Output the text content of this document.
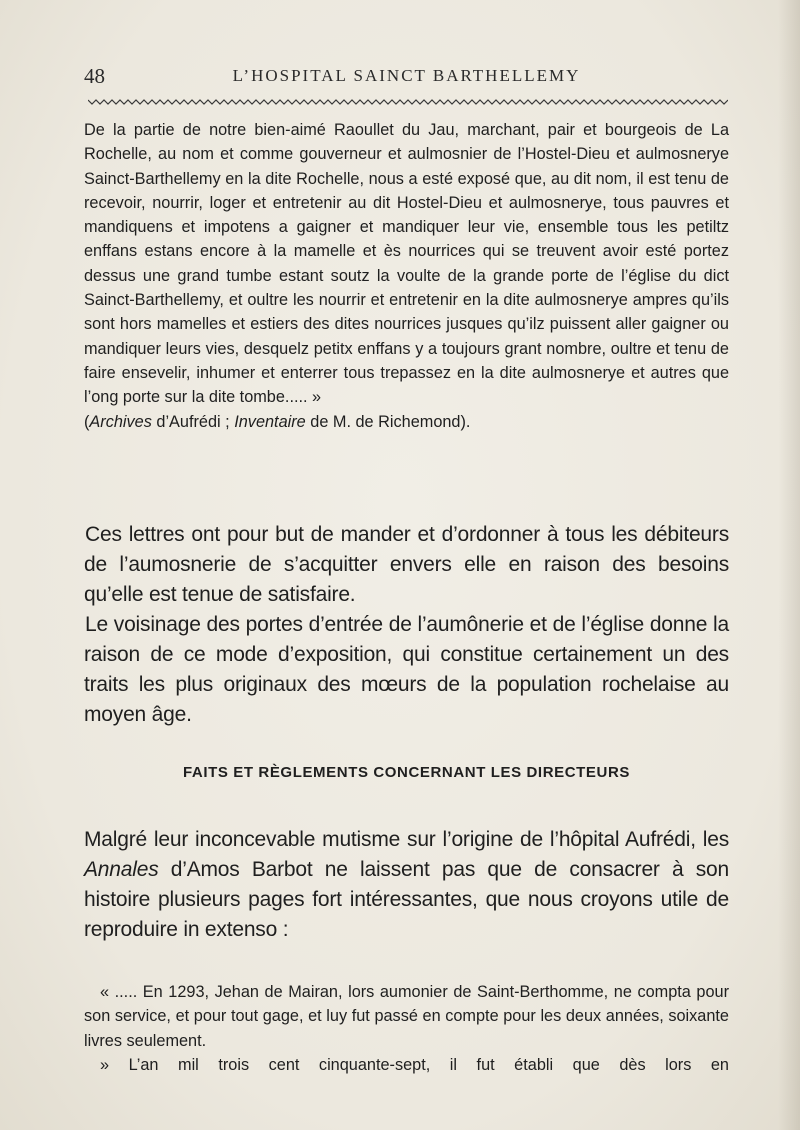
48	L’HOSPITAL SAINCT BARTHELLEMY

De la partie de notre bien-aimé Raoullet du Jau, marchant, pair et bourgeois de La Rochelle, au nom et comme gouverneur et aulmosnier de l’Hostel-Dieu et aulmosnerye Sainct-Barthellemy en la dite Rochelle, nous a esté exposé que, au dit nom, il est tenu de recevoir, nourrir, loger et entretenir au dit Hostel-Dieu et aulmosnerye, tous pauvres et mandiquens et impotens a gaigner et mandiquer leur vie, ensemble tous les petiltz enffans estans encore à la mamelle et ès nourrices qui se treuvent avoir esté portez dessus une grand tumbe estant soutz la voulte de la grande porte de l’église du dict Sainct-Barthellemy, et oultre les nourrir et entretenir en la dite aulmosnerye ampres qu’ils sont hors mamelles et estiers des dites nourrices jusques qu’ilz puissent aller gaigner ou mandiquer leurs vies, desquelz petitx enffans y a toujours grant nombre, oultre et tenu de faire ensevelir, inhumer et enterrer tous trepassez en la dite aulmosnerye et autres que l’ong porte sur la dite tombe..... »

(Archives d’Aufrédi ; Inventaire de M. de Richemond).

Ces lettres ont pour but de mander et d’ordonner à tous les débiteurs de l’aumosnerie de s’acquitter envers elle en raison des besoins qu’elle est tenue de satisfaire.

Le voisinage des portes d’entrée de l’aumônerie et de l’église donne la raison de ce mode d’exposition, qui constitue certainement un des traits les plus originaux des mœurs de la population rochelaise au moyen âge.

FAITS ET RÈGLEMENTS CONCERNANT LES DIRECTEURS

Malgré leur inconcevable mutisme sur l’origine de l’hôpital Aufrédi, les Annales d’Amos Barbot ne laissent pas que de consacrer à son histoire plusieurs pages fort intéressantes, que nous croyons utile de reproduire in extenso :

« ..... En 1293, Jehan de Mairan, lors aumonier de Saint-Berthomme, ne compta pour son service, et pour tout gage, et luy fut passé en compte pour les deux années, soixante livres seulement.

» L’an mil trois cent cinquante-sept, il fut établi que dès lors en
